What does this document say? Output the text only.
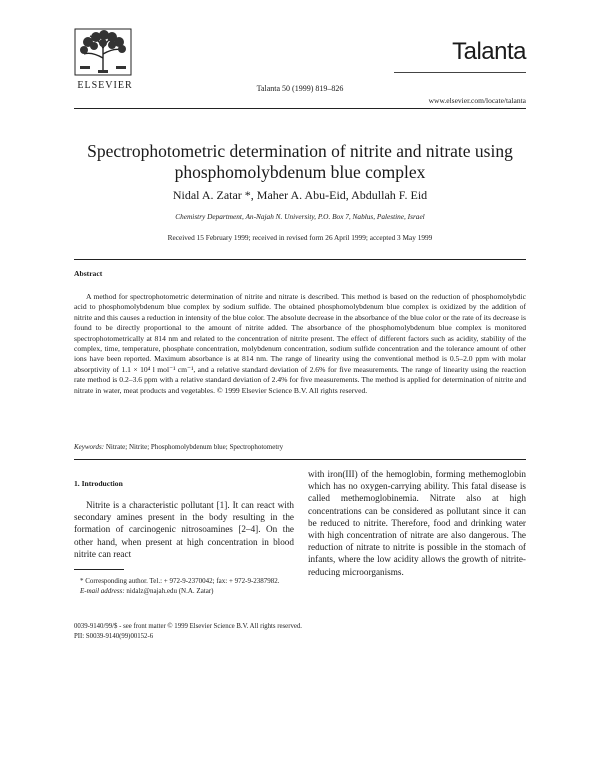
ELSEVIER	Talanta 50 (1999) 819–826
Talanta
www.elsevier.com/locate/talanta
Spectrophotometric determination of nitrite and nitrate using phosphomolybdenum blue complex
Nidal A. Zatar *, Maher A. Abu-Eid, Abdullah F. Eid
Chemistry Department, An-Najah N. University, P.O. Box 7, Nablus, Palestine, Israel
Received 15 February 1999; received in revised form 26 April 1999; accepted 3 May 1999
Abstract
A method for spectrophotometric determination of nitrite and nitrate is described. This method is based on the reduction of phosphomolybdic acid to phosphomolybdenum blue complex by sodium sulfide. The obtained phosphomolybdenum blue complex is oxidized by the addition of nitrite and this causes a reduction in intensity of the blue color. The absolute decrease in the absorbance of the blue color or the rate of its decrease is found to be directly proportional to the amount of nitrite added. The absorbance of the phosphomolybdenum blue complex is monitored spectrophotometrically at 814 nm and related to the concentration of nitrite present. The effect of different factors such as acidity, stability of the complex, time, temperature, phosphate concentration, molybdenum concentration, sodium sulfide concentration and the tolerance amount of other ions have been reported. Maximum absorbance is at 814 nm. The range of linearity using the conventional method is 0.5–2.0 ppm with molar absorptivity of 1.1 × 10⁴ l mol⁻¹ cm⁻¹, and a relative standard deviation of 2.6% for five measurements. The range of linearity using the reaction rate method is 0.2–3.6 ppm with a relative standard deviation of 2.4% for five measurements. The method is applied for determination of nitrite and nitrate in water, meat products and vegetables. © 1999 Elsevier Science B.V. All rights reserved.
Keywords: Nitrate; Nitrite; Phosphomolybdenum blue; Spectrophotometry
1. Introduction
Nitrite is a characteristic pollutant [1]. It can react with secondary amines present in the body resulting in the formation of carcinogenic nitrosoamines [2–4]. On the other hand, when present at high concentration in blood nitrite can react
with iron(III) of the hemoglobin, forming methemoglobin which has no oxygen-carrying ability. This fatal disease is called methemoglobinemia. Nitrate also at high concentrations can be considered as pollutant since it can be reduced to nitrite. Therefore, food and drinking water with high concentration of nitrate are also dangerous. The reduction of nitrate to nitrite is possible in the stomach of infants, where the low acidity allows the growth of nitrite-reducing microorganisms.
* Corresponding author. Tel.: + 972-9-2370042; fax: + 972-9-2387982.
E-mail address: nidalz@najah.edu (N.A. Zatar)
0039-9140/99/$ - see front matter © 1999 Elsevier Science B.V. All rights reserved.
PII: S0039-9140(99)00152-6
